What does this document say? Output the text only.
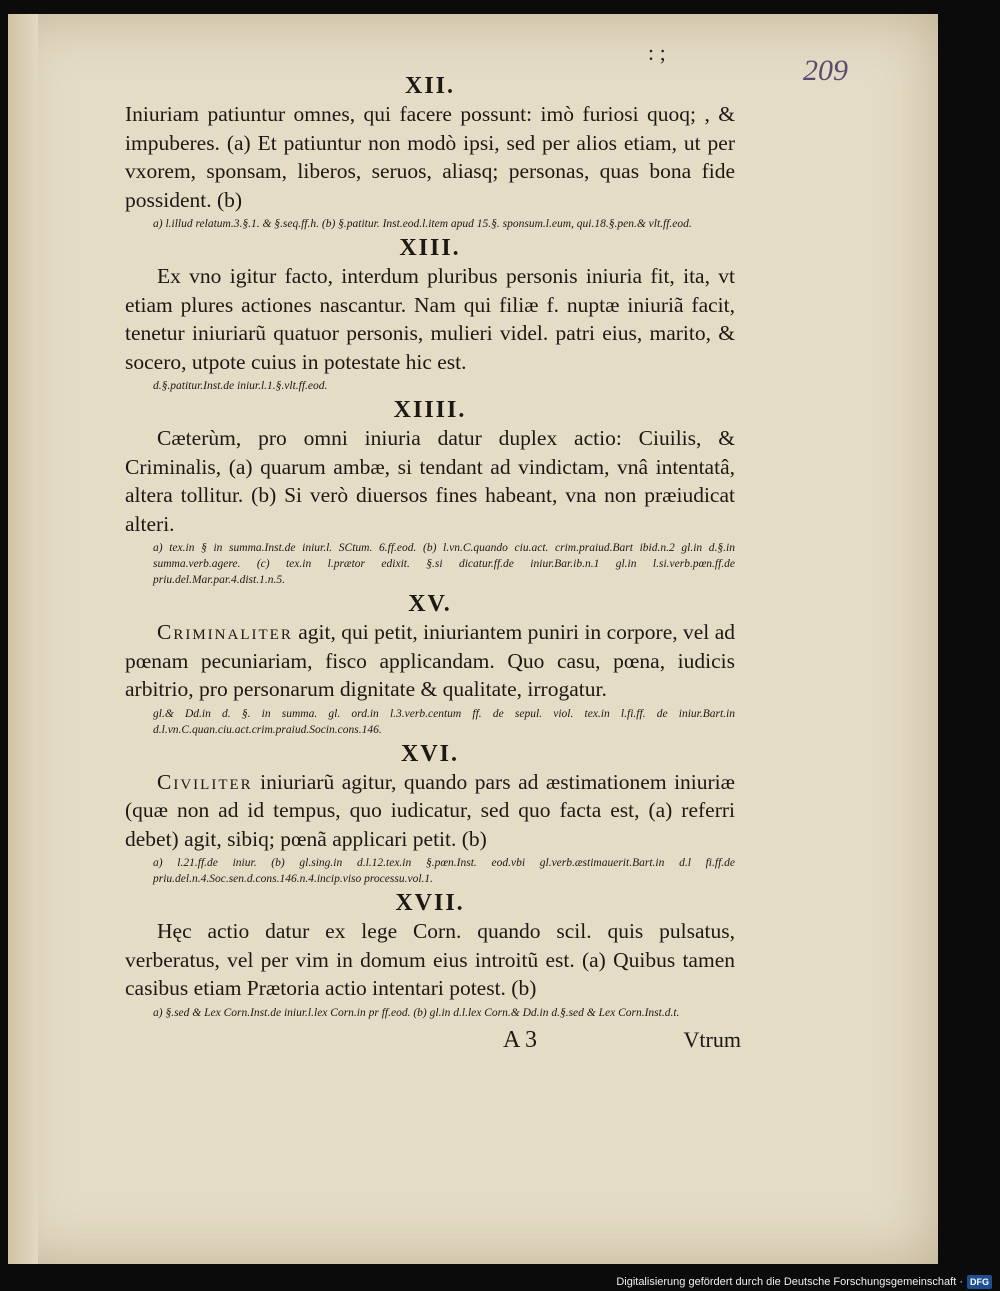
: ;
209
XII.

Iniuriam patiuntur omnes, qui facere possunt: imò furiosi quoq; , & impuberes. (a) Et patiuntur non modò ipsi, sed per alios etiam, ut per vxorem, sponsam, liberos, seruos, aliasq; personas, quas bona fide possident. (b)

a) l.illud relatum.3.§.1. & §.seq.ff.h. (b) §.patitur. Inst.eod.l.item apud 15.§. sponsum.l.eum, qui.18.§.pen.& vlt.ff.eod.

XIII.

Ex vno igitur facto, interdum pluribus personis iniuria fit, ita, vt etiam plures actiones nascantur. Nam qui filiæ f. nuptæ iniuriã facit, tenetur iniuriarũ quatuor personis, mulieri videl. patri eius, marito, & socero, utpote cuius in potestate hic est.

d.§.patitur.Inst.de iniur.l.1.§.vlt.ff.eod.

XIIII.

Cæterùm, pro omni iniuria datur duplex actio: Ciuilis, & Criminalis, (a) quarum ambæ, si tendant ad vindictam, vnâ intentatâ, altera tollitur. (b) Si verò diuersos fines habeant, vna non præiudicat alteri.

a) tex.in § in summa.Inst.de iniur.l. SCtum. 6.ff.eod. (b) l.vn.C.quando ciu.act. crim.praiud.Bart ibid.n.2 gl.in d.§.in summa.verb.agere. (c) tex.in l.prætor edixit. §.si dicatur.ff.de iniur.Bar.ib.n.1 gl.in l.si.verb.pœn.ff.de priu.del.Mar.par.4.dist.1.n.5.

XV.

Criminaliter agit, qui petit, iniuriantem puniri in corpore, vel ad pœnam pecuniariam, fisco applicandam. Quo casu, pœna, iudicis arbitrio, pro personarum dignitate & qualitate, irrogatur.

gl.& Dd.in d. §. in summa. gl. ord.in l.3.verb.centum ff. de sepul. viol. tex.in l.fi.ff. de iniur.Bart.in d.l.vn.C.quan.ciu.act.crim.praiud.Socin.cons.146.

XVI.

Civiliter iniuriarũ agitur, quando pars ad æstimationem iniuriæ (quæ non ad id tempus, quo iudicatur, sed quo facta est, (a) referri debet) agit, sibiq; pœnã applicari petit. (b)

a) l.21.ff.de iniur. (b) gl.sing.in d.l.12.tex.in §.pœn.Inst. eod.vbi gl.verb.æstimauerit.Bart.in d.l fi.ff.de priu.del.n.4.Soc.sen.d.cons.146.n.4.incip.viso processu.vol.1.

XVII.

Hęc actio datur ex lege Corn. quando scil. quis pulsatus, verberatus, vel per vim in domum eius introitũ est. (a) Quibus tamen casibus etiam Prætoria actio intentari potest. (b)

a) §.sed & Lex Corn.Inst.de iniur.l.lex Corn.in pr ff.eod. (b) gl.in d.l.lex Corn.& Dd.in d.§.sed & Lex Corn.Inst.d.t.

A 3	Vtrum
Digitalisierung gefördert durch die Deutsche Forschungsgemeinschaft · DFG
